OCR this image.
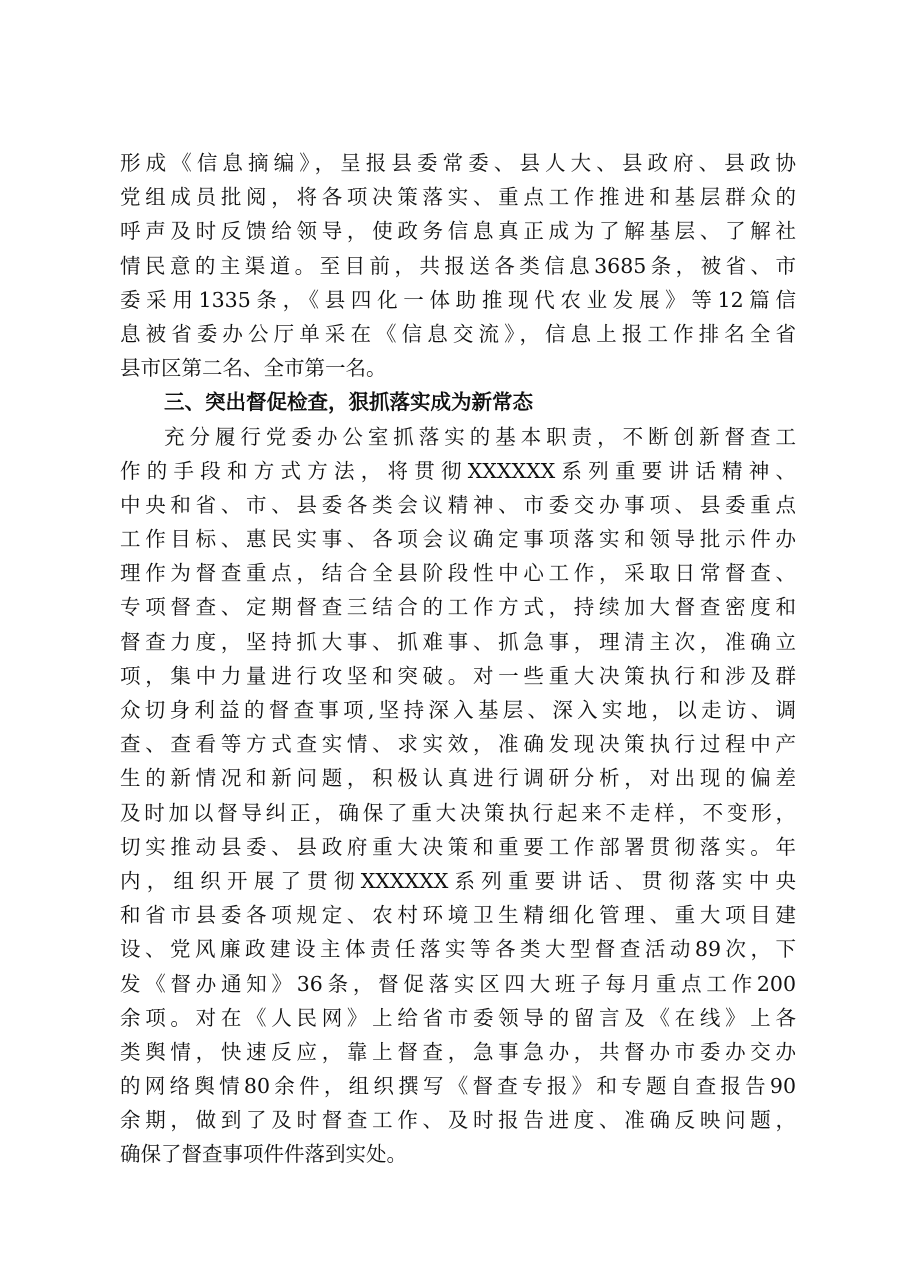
形成《信息摘编》，呈报县委常委、县人大、县政府、县政协
党组成员批阅，将各项决策落实、重点工作推进和基层群众的
呼声及时反馈给领导，使政务信息真正成为了解基层、了解社
情民意的主渠道。至目前，共报送各类信息3685条，被省、市
委采用1335条，《县四化一体助推现代农业发展》等12篇信
息被省委办公厅单采在《信息交流》，信息上报工作排名全省
县市区第二名、全市第一名。
三、突出督促检查，狠抓落实成为新常态
充分履行党委办公室抓落实的基本职责，不断创新督查工
作的手段和方式方法，将贯彻XXXXXX系列重要讲话精神、
中央和省、市、县委各类会议精神、市委交办事项、县委重点
工作目标、惠民实事、各项会议确定事项落实和领导批示件办
理作为督查重点，结合全县阶段性中心工作，采取日常督查、
专项督查、定期督查三结合的工作方式，持续加大督查密度和
督查力度，坚持抓大事、抓难事、抓急事，理清主次，准确立
项，集中力量进行攻坚和突破。对一些重大决策执行和涉及群
众切身利益的督查事项,坚持深入基层、深入实地，以走访、调
查、查看等方式查实情、求实效，准确发现决策执行过程中产
生的新情况和新问题，积极认真进行调研分析，对出现的偏差
及时加以督导纠正，确保了重大决策执行起来不走样，不变形，
切实推动县委、县政府重大决策和重要工作部署贯彻落实。年
内，组织开展了贯彻XXXXXX系列重要讲话、贯彻落实中央
和省市县委各项规定、农村环境卫生精细化管理、重大项目建
设、党风廉政建设主体责任落实等各类大型督查活动89次，下
发《督办通知》36条，督促落实区四大班子每月重点工作200
余项。对在《人民网》上给省市委领导的留言及《在线》上各
类舆情，快速反应，靠上督查，急事急办，共督办市委办交办
的网络舆情80余件，组织撰写《督查专报》和专题自查报告90
余期，做到了及时督查工作、及时报告进度、准确反映问题，
确保了督查事项件件落到实处。
